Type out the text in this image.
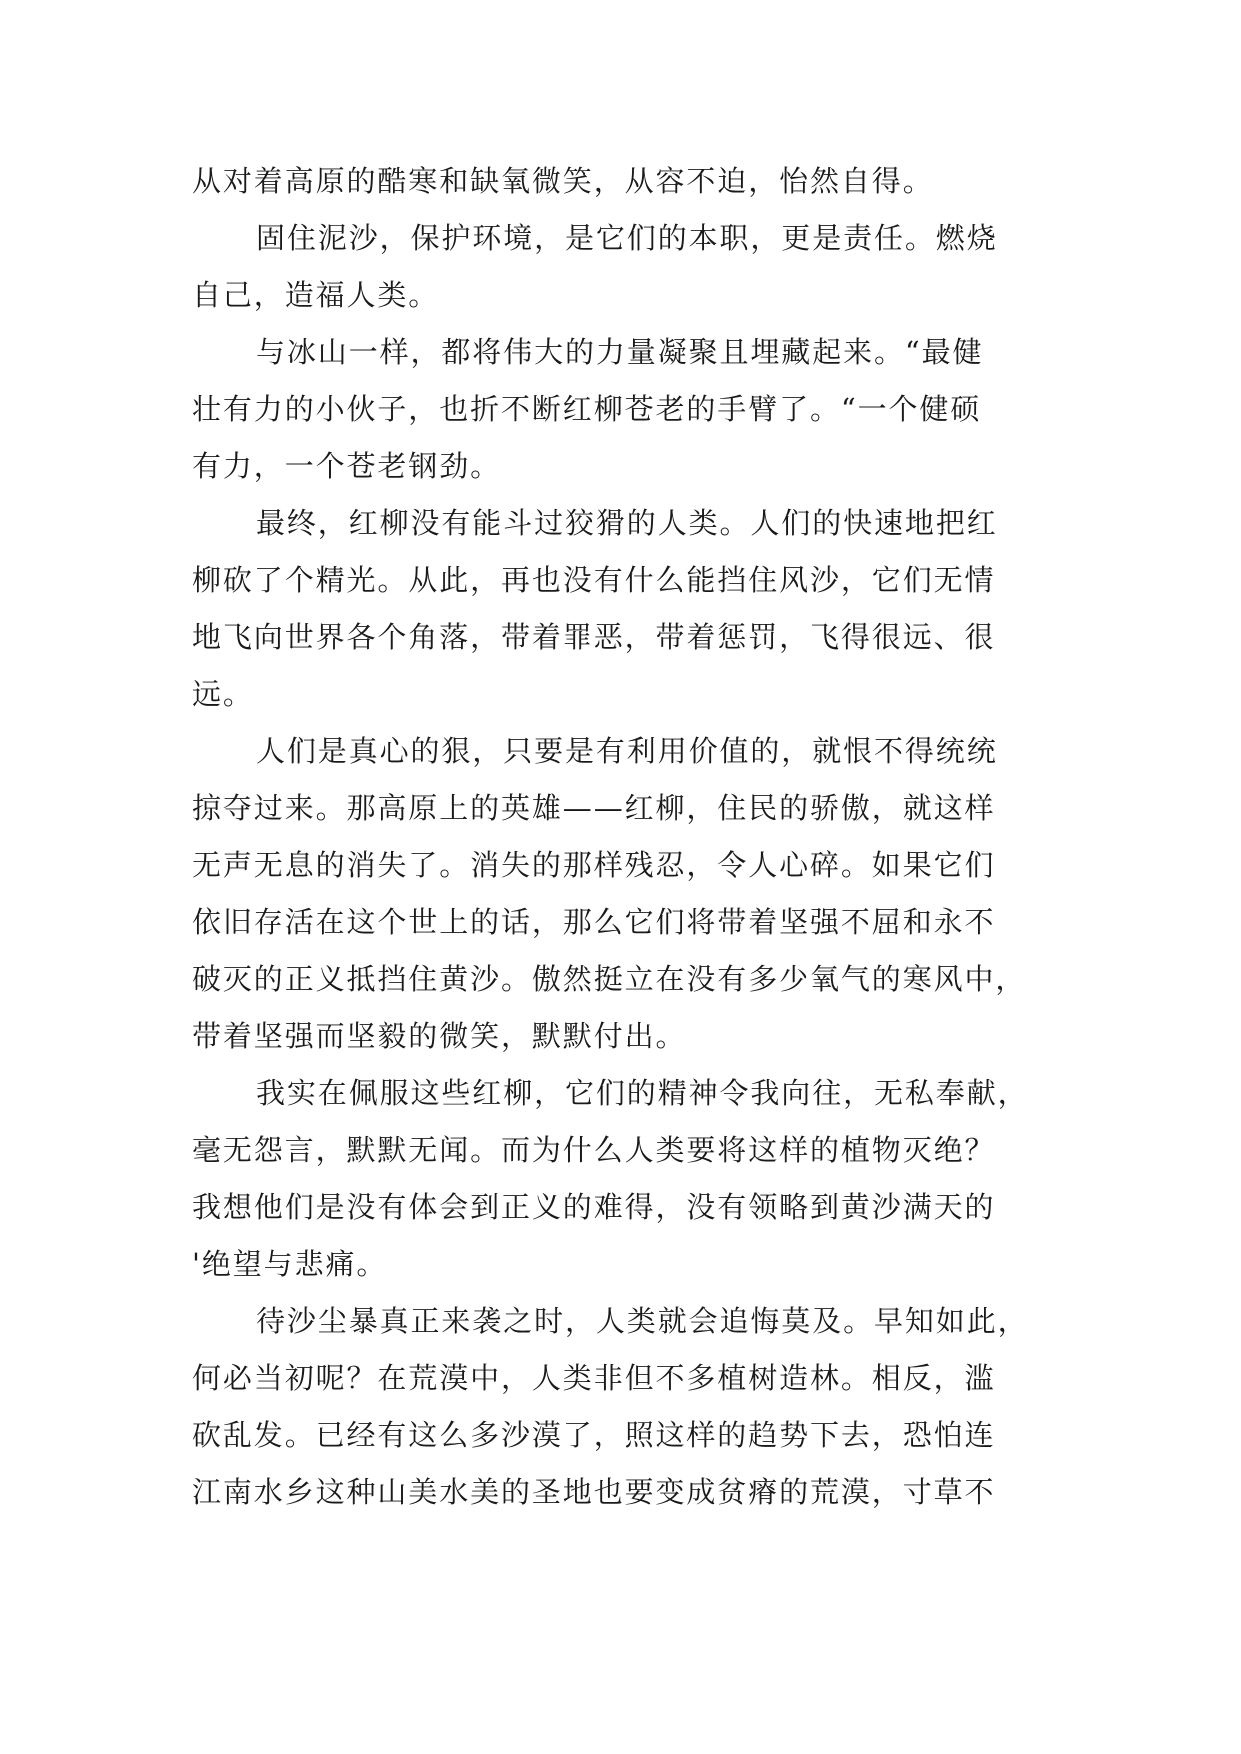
从对着高原的酷寒和缺氧微笑，从容不迫，怡然自得。
固住泥沙，保护环境，是它们的本职，更是责任。燃烧
自己，造福人类。
与冰山一样，都将伟大的力量凝聚且埋藏起来。“最健
壮有力的小伙子，也折不断红柳苍老的手臂了。“一个健硕
有力，一个苍老钢劲。
最终，红柳没有能斗过狡猾的人类。人们的快速地把红
柳砍了个精光。从此，再也没有什么能挡住风沙，它们无情
地飞向世界各个角落，带着罪恶，带着惩罚，飞得很远、很
远。
人们是真心的狠，只要是有利用价值的，就恨不得统统
掠夺过来。那高原上的英雄——红柳，住民的骄傲，就这样
无声无息的消失了。消失的那样残忍，令人心碎。如果它们
依旧存活在这个世上的话，那么它们将带着坚强不屈和永不
破灭的正义抵挡住黄沙。傲然挺立在没有多少氧气的寒风中，
带着坚强而坚毅的微笑，默默付出。
我实在佩服这些红柳，它们的精神令我向往，无私奉献，
毫无怨言，默默无闻。而为什么人类要将这样的植物灭绝？
我想他们是没有体会到正义的难得，没有领略到黄沙满天的
'绝望与悲痛。
待沙尘暴真正来袭之时，人类就会追悔莫及。早知如此，
何必当初呢？在荒漠中，人类非但不多植树造林。相反，滥
砍乱发。已经有这么多沙漠了，照这样的趋势下去，恐怕连
江南水乡这种山美水美的圣地也要变成贫瘠的荒漠，寸草不
